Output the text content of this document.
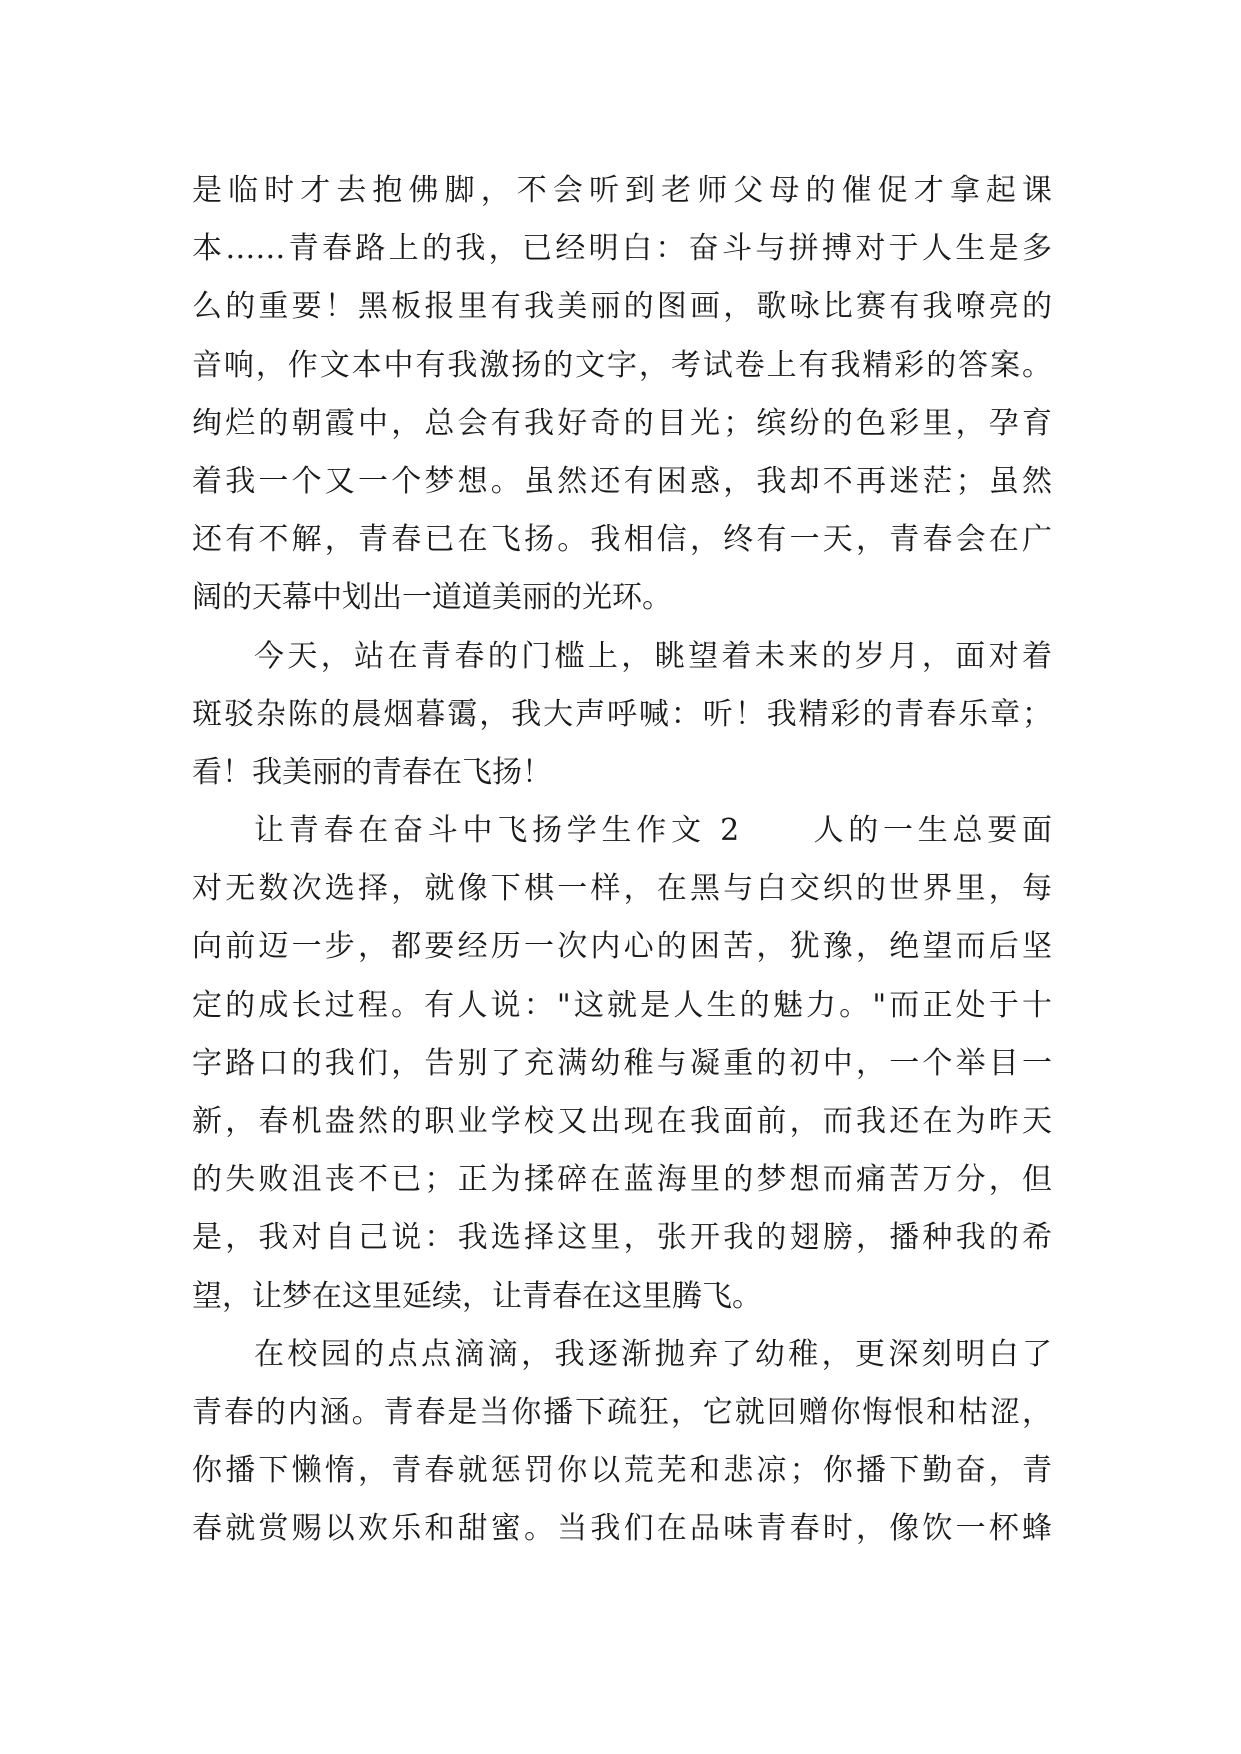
是临时才去抱佛脚，不会听到老师父母的催促才拿起课
本……青春路上的我，已经明白：奋斗与拼搏对于人生是多
么的重要！黑板报里有我美丽的图画，歌咏比赛有我嘹亮的
音响，作文本中有我激扬的文字，考试卷上有我精彩的答案。
绚烂的朝霞中，总会有我好奇的目光；缤纷的色彩里，孕育
着我一个又一个梦想。虽然还有困惑，我却不再迷茫；虽然
还有不解，青春已在飞扬。我相信，终有一天，青春会在广
阔的天幕中划出一道道美丽的光环。
今天，站在青春的门槛上，眺望着未来的岁月，面对着
斑驳杂陈的晨烟暮霭，我大声呼喊：听！我精彩的青春乐章；
看！我美丽的青春在飞扬！
让青春在奋斗中飞扬学生作文 2　　人的一生总要面
对无数次选择，就像下棋一样，在黑与白交织的世界里，每
向前迈一步，都要经历一次内心的困苦，犹豫，绝望而后坚
定的成长过程。有人说："这就是人生的魅力。"而正处于十
字路口的我们，告别了充满幼稚与凝重的初中，一个举目一
新，春机盎然的职业学校又出现在我面前，而我还在为昨天
的失败沮丧不已；正为揉碎在蓝海里的梦想而痛苦万分，但
是，我对自己说：我选择这里，张开我的翅膀，播种我的希
望，让梦在这里延续，让青春在这里腾飞。
在校园的点点滴滴，我逐渐抛弃了幼稚，更深刻明白了
青春的内涵。青春是当你播下疏狂，它就回赠你悔恨和枯涩，
你播下懒惰，青春就惩罚你以荒芜和悲凉；你播下勤奋，青
春就赏赐以欢乐和甜蜜。当我们在品味青春时，像饮一杯蜂
